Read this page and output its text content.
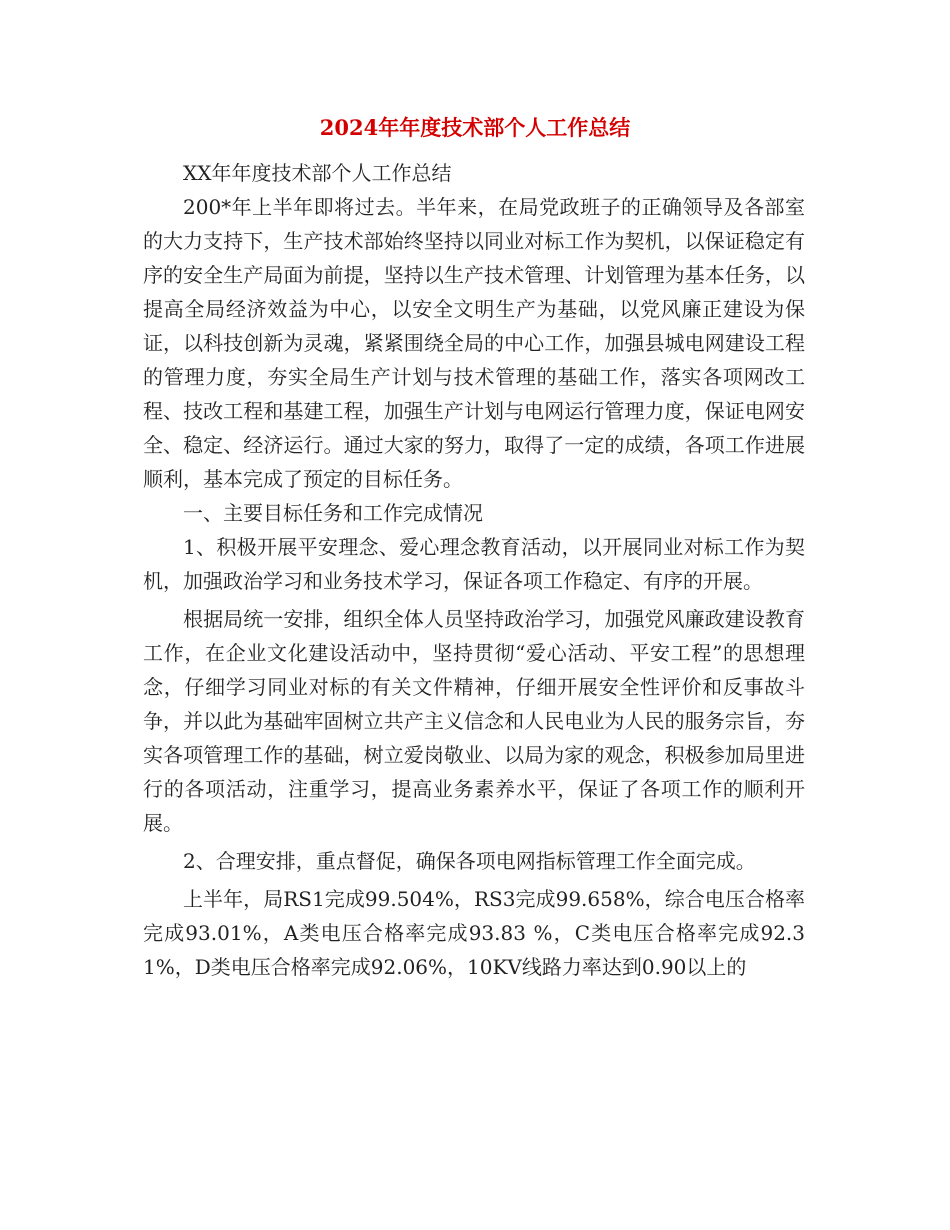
2024年年度技术部个人工作总结

XX年年度技术部个人工作总结

200*年上半年即将过去。半年来，在局党政班子的正确领导及各部室的大力支持下，生产技术部始终坚持以同业对标工作为契机，以保证稳定有序的安全生产局面为前提，坚持以生产技术管理、计划管理为基本任务，以提高全局经济效益为中心，以安全文明生产为基础，以党风廉正建设为保证，以科技创新为灵魂，紧紧围绕全局的中心工作，加强县城电网建设工程的管理力度，夯实全局生产计划与技术管理的基础工作，落实各项网改工程、技改工程和基建工程，加强生产计划与电网运行管理力度，保证电网安全、稳定、经济运行。通过大家的努力，取得了一定的成绩，各项工作进展顺利，基本完成了预定的目标任务。

一、主要目标任务和工作完成情况

1、积极开展平安理念、爱心理念教育活动，以开展同业对标工作为契机，加强政治学习和业务技术学习，保证各项工作稳定、有序的开展。

根据局统一安排，组织全体人员坚持政治学习，加强党风廉政建设教育工作，在企业文化建设活动中，坚持贯彻“爱心活动、平安工程”的思想理念，仔细学习同业对标的有关文件精神，仔细开展安全性评价和反事故斗争，并以此为基础牢固树立共产主义信念和人民电业为人民的服务宗旨，夯实各项管理工作的基础，树立爱岗敬业、以局为家的观念，积极参加局里进行的各项活动，注重学习，提高业务素养水平，保证了各项工作的顺利开展。

2、合理安排，重点督促，确保各项电网指标管理工作全面完成。

上半年，局RS1完成99.504%，RS3完成99.658%，综合电压合格率完成93.01%，A类电压合格率完成93.83 %，C类电压合格率完成92.31%，D类电压合格率完成92.06%，10KV线路力率达到0.90以上的
